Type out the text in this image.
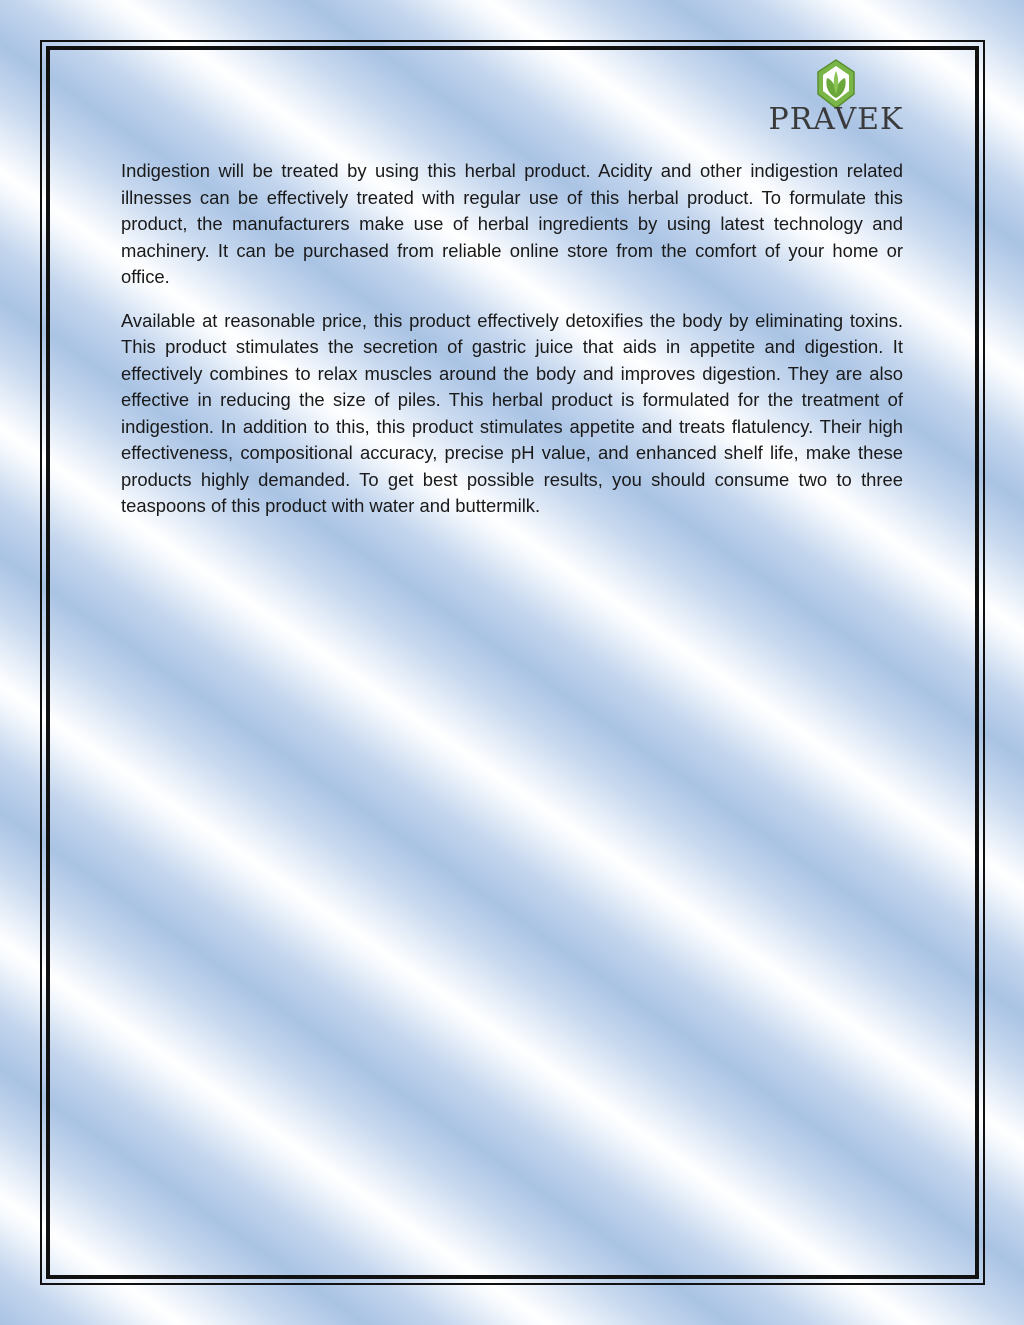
PRAVEK

Indigestion will be treated by using this herbal product. Acidity and other indigestion related illnesses can be effectively treated with regular use of this herbal product. To formulate this product, the manufacturers make use of herbal ingredients by using latest technology and machinery. It can be purchased from reliable online store from the comfort of your home or office.

Available at reasonable price, this product effectively detoxifies the body by eliminating toxins. This product stimulates the secretion of gastric juice that aids in appetite and digestion. It effectively combines to relax muscles around the body and improves digestion. They are also effective in reducing the size of piles. This herbal product is formulated for the treatment of indigestion. In addition to this, this product stimulates appetite and treats flatulency. Their high effectiveness, compositional accuracy, precise pH value, and enhanced shelf life, make these products highly demanded. To get best possible results, you should consume two to three teaspoons of this product with water and buttermilk.
